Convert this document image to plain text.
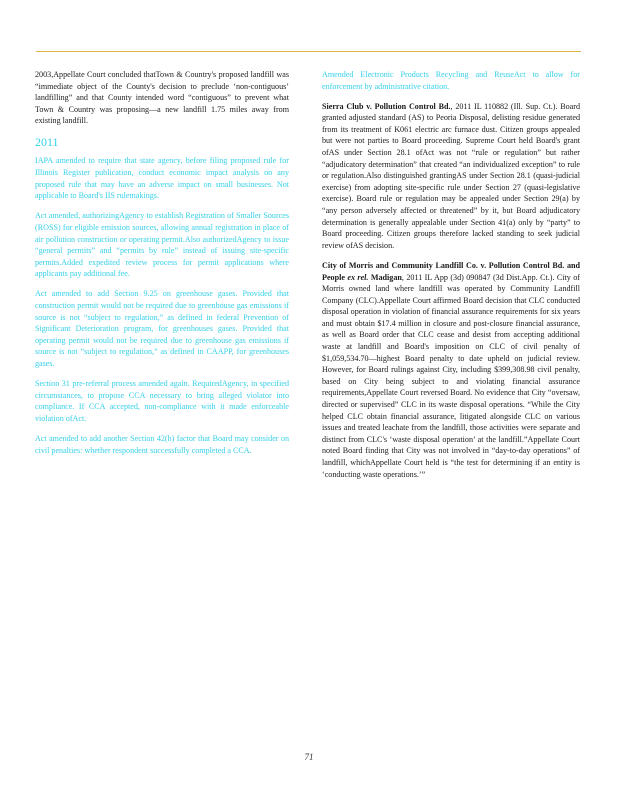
2003,Appellate Court concluded thatTown & Country's proposed landfill was “immediate object of the County's decision to preclude ‘non-contiguous’ landfilling” and that County intended word “contiguous” to prevent what Town & Country was proposing—a new landfill 1.75 miles away from existing landfill.

2011

IAPA amended to require that state agency, before filing proposed rule for Illinois Register publication, conduct economic impact analysis on any proposed rule that may have an adverse impact on small businesses. Not applicable to Board's IIS rulemakings.

Act amended, authorizingAgency to establish Registration of Smaller Sources (ROSS) for eligible emission sources, allowing annual registration in place of air pollution construction or operating permit.Also authorizedAgency to issue “general permits” and “permits by rule” instead of issuing site-specific permits.Added expedited review process for permit applications where applicants pay additional fee.

Act amended to add Section 9.25 on greenhouse gases. Provided that construction permit would not be required due to greenhouse gas emissions if source is not “subject to regulation,” as defined in federal Prevention of Significant Deterioration program, for greenhouses gases. Provided that operating permit would not be required due to greenhouse gas emissions if source is not “subject to regulation,” as defined in CAAPP, for greenhouses gases.

Section 31 pre-referral process amended again. RequiredAgency, in specified circumstances, to propose CCA necessary to bring alleged violator into compliance. If CCA accepted, non-compliance with it made enforceable violation ofAct.

Act amended to add another Section 42(h) factor that Board may consider on civil penalties: whether respondent successfully completed a CCA.

Amended Electronic Products Recycling and ReuseAct to allow for enforcement by administrative citation.

Sierra Club v. Pollution Control Bd., 2011 IL 110882 (Ill. Sup. Ct.). Board granted adjusted standard (AS) to Peoria Disposal, delisting residue generated from its treatment of K061 electric arc furnace dust. Citizen groups appealed but were not parties to Board proceeding. Supreme Court held Board's grant ofAS under Section 28.1 ofAct was not “rule or regulation” but rather “adjudicatory determination” that created “an individualized exception” to rule or regulation.Also distinguished grantingAS under Section 28.1 (quasi-judicial exercise) from adopting site-specific rule under Section 27 (quasi-legislative exercise). Board rule or regulation may be appealed under Section 29(a) by “any person adversely affected or threatened” by it, but Board adjudicatory determination is generally appealable under Section 41(a) only by “party” to Board proceeding. Citizen groups therefore lacked standing to seek judicial review ofAS decision.

City of Morris and Community Landfill Co. v. Pollution Control Bd. and People ex rel. Madigan, 2011 IL App (3d) 090847 (3d Dist.App. Ct.). City of Morris owned land where landfill was operated by Community Landfill Company (CLC).Appellate Court affirmed Board decision that CLC conducted disposal operation in violation of financial assurance requirements for six years and must obtain $17.4 million in closure and post-closure financial assurance, as well as Board order that CLC cease and desist from accepting additional waste at landfill and Board's imposition on CLC of civil penalty of $1,059,534.70—highest Board penalty to date upheld on judicial review. However, for Board rulings against City, including $399,308.98 civil penalty, based on City being subject to and violating financial assurance requirements,Appellate Court reversed Board. No evidence that City “oversaw, directed or supervised” CLC in its waste disposal operations. “While the City helped CLC obtain financial assurance, litigated alongside CLC on various issues and treated leachate from the landfill, those activities were separate and distinct from CLC's ‘waste disposal operation’ at the landfill.”Appellate Court noted Board finding that City was not involved in “day-to-day operations” of landfill, whichAppellate Court held is “the test for determining if an entity is ‘conducting waste operations.’”

71
